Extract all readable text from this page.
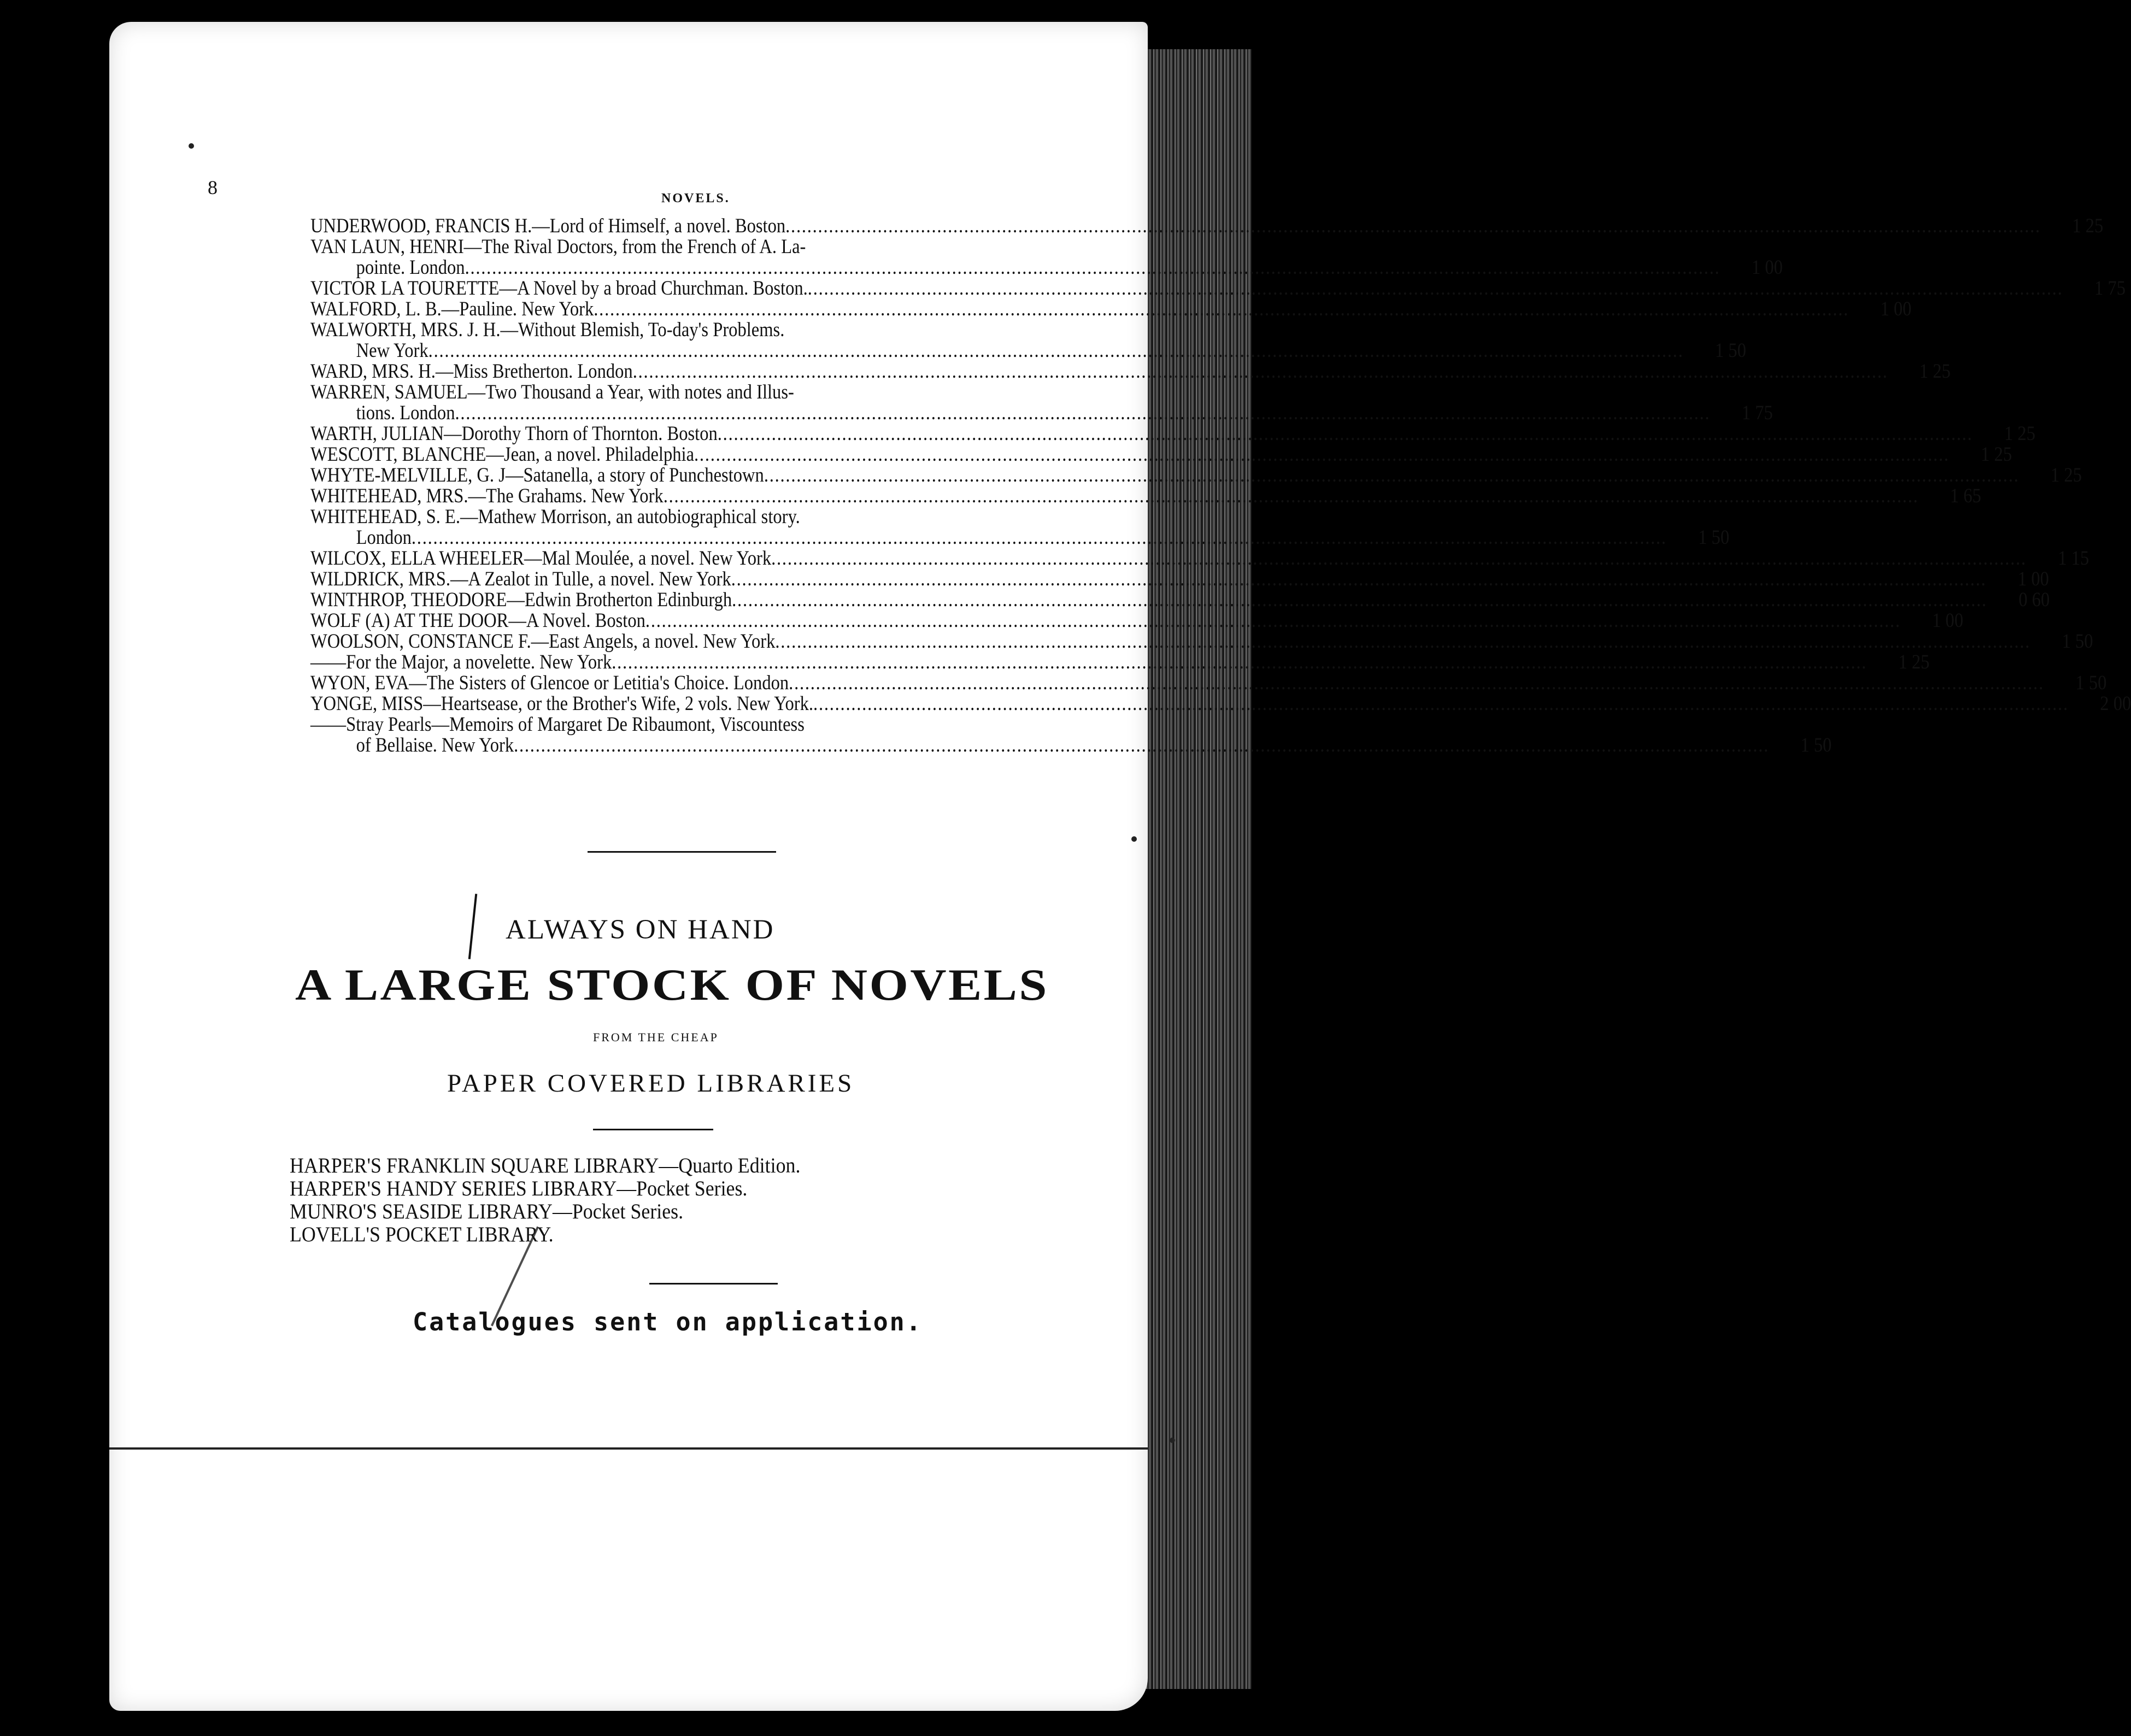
8	NOVELS.
UNDERWOOD, FRANCIS H.—Lord of Himself, a novel. Boston .....	1 25
VAN LAUN, HENRI—The Rival Doctors, from the French of A. La-
pointe. London .....	1 00
VICTOR LA TOURETTE—A Novel by a broad Churchman. Boston. .....	1 75
WALFORD, L. B.—Pauline. New York .....	1 00
WALWORTH, MRS. J. H.—Without Blemish, To-day's Problems.
New York .....	1 50
WARD, MRS. H.—Miss Bretherton. London .....	1 25
WARREN, SAMUEL—Two Thousand a Year, with notes and Illus-
tions. London .....	1 75
WARTH, JULIAN—Dorothy Thorn of Thornton. Boston .....	1 25
WESCOTT, BLANCHE—Jean, a novel. Philadelphia .....	1 25
WHYTE-MELVILLE, G. J—Satanella, a story of Punchestown .....	1 25
WHITEHEAD, MRS.—The Grahams. New York .....	1 65
WHITEHEAD, S. E.—Mathew Morrison, an autobiographical story.
London .....	1 50
WILCOX, ELLA WHEELER—Mal Moulée, a novel. New York .....	1 15
WILDRICK, MRS.—A Zealot in Tulle, a novel. New York .....	1 00
WINTHROP, THEODORE—Edwin Brotherton Edinburgh .....	0 60
WOLF (A) AT THE DOOR—A Novel. Boston .....	1 00
WOOLSON, CONSTANCE F.—East Angels, a novel. New York .....	1 50
——For the Major, a novelette. New York .....	1 25
WYON, EVA—The Sisters of Glencoe or Letitia's Choice. London .....	1 50
YONGE, MISS—Heartsease, or the Brother's Wife, 2 vols. New York. .....	2 00
——Stray Pearls—Memoirs of Margaret De Ribaumont, Viscountess
of Bellaise. New York .....	1 50
ALWAYS ON HAND
A LARGE STOCK OF NOVELS
FROM THE CHEAP
PAPER COVERED LIBRARIES
HARPER'S FRANKLIN SQUARE LIBRARY—Quarto Edition.
HARPER'S HANDY SERIES LIBRARY—Pocket Series.
MUNRO'S SEASIDE LIBRARY—Pocket Series.
LOVELL'S POCKET LIBRARY.
Catalogues sent on application.
